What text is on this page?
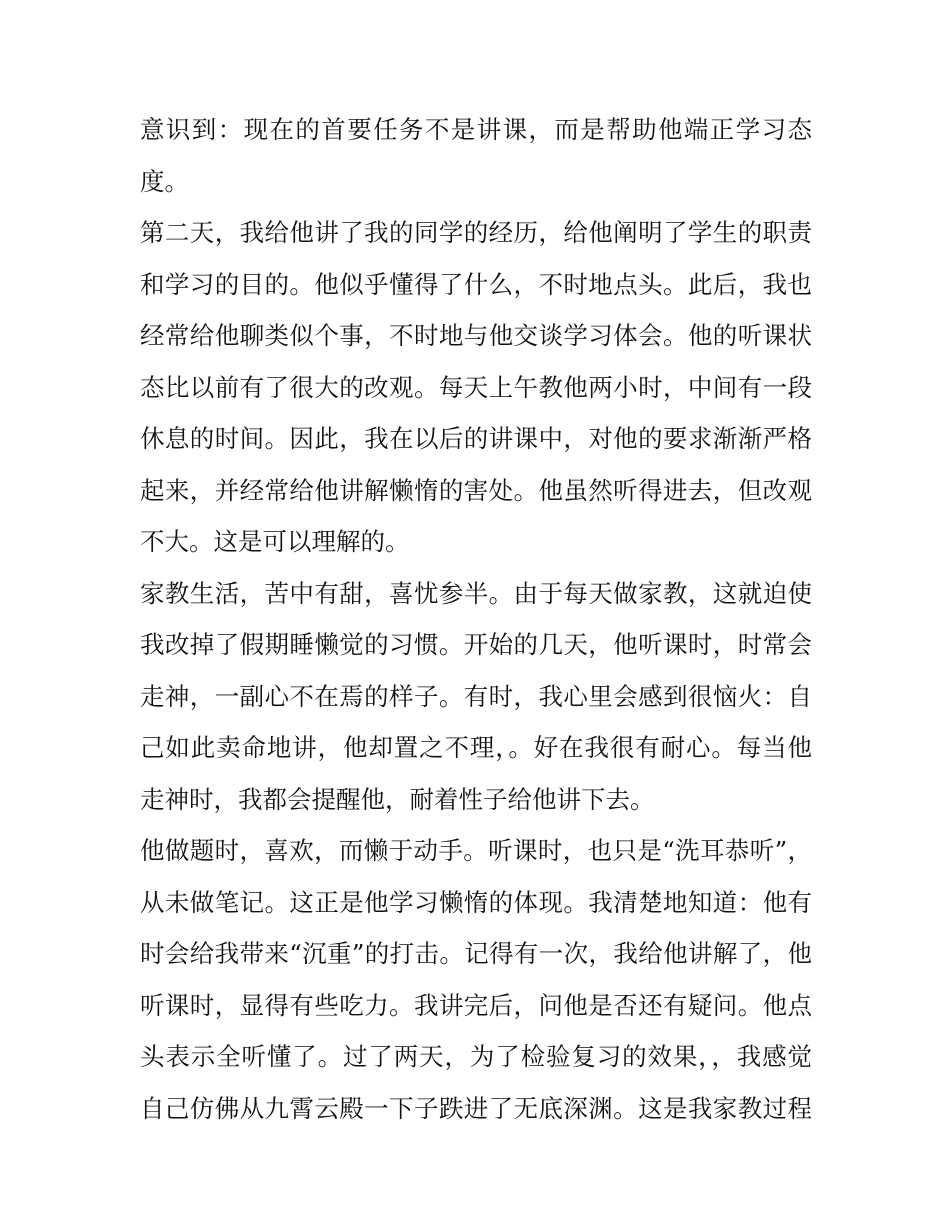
意识到：现在的首要任务不是讲课，而是帮助他端正学习态
度。
第二天，我给他讲了我的同学的经历，给他阐明了学生的职责
和学习的目的。他似乎懂得了什么，不时地点头。此后，我也
经常给他聊类似个事，不时地与他交谈学习体会。他的听课状
态比以前有了很大的改观。每天上午教他两小时，中间有一段
休息的时间。因此，我在以后的讲课中，对他的要求渐渐严格
起来，并经常给他讲解懒惰的害处。他虽然听得进去，但改观
不大。这是可以理解的。
家教生活，苦中有甜，喜忧参半。由于每天做家教，这就迫使
我改掉了假期睡懒觉的习惯。开始的几天，他听课时，时常会
走神，一副心不在焉的样子。有时，我心里会感到很恼火：自
己如此卖命地讲，他却置之不理，。好在我很有耐心。每当他
走神时，我都会提醒他，耐着性子给他讲下去。
他做题时，喜欢，而懒于动手。听课时，也只是“洗耳恭听”，
从未做笔记。这正是他学习懒惰的体现。我清楚地知道：他有
时会给我带来“沉重”的打击。记得有一次，我给他讲解了，他
听课时，显得有些吃力。我讲完后，问他是否还有疑问。他点
头表示全听懂了。过了两天，为了检验复习的效果，，我感觉
自己仿佛从九霄云殿一下子跌进了无底深渊。这是我家教过程
